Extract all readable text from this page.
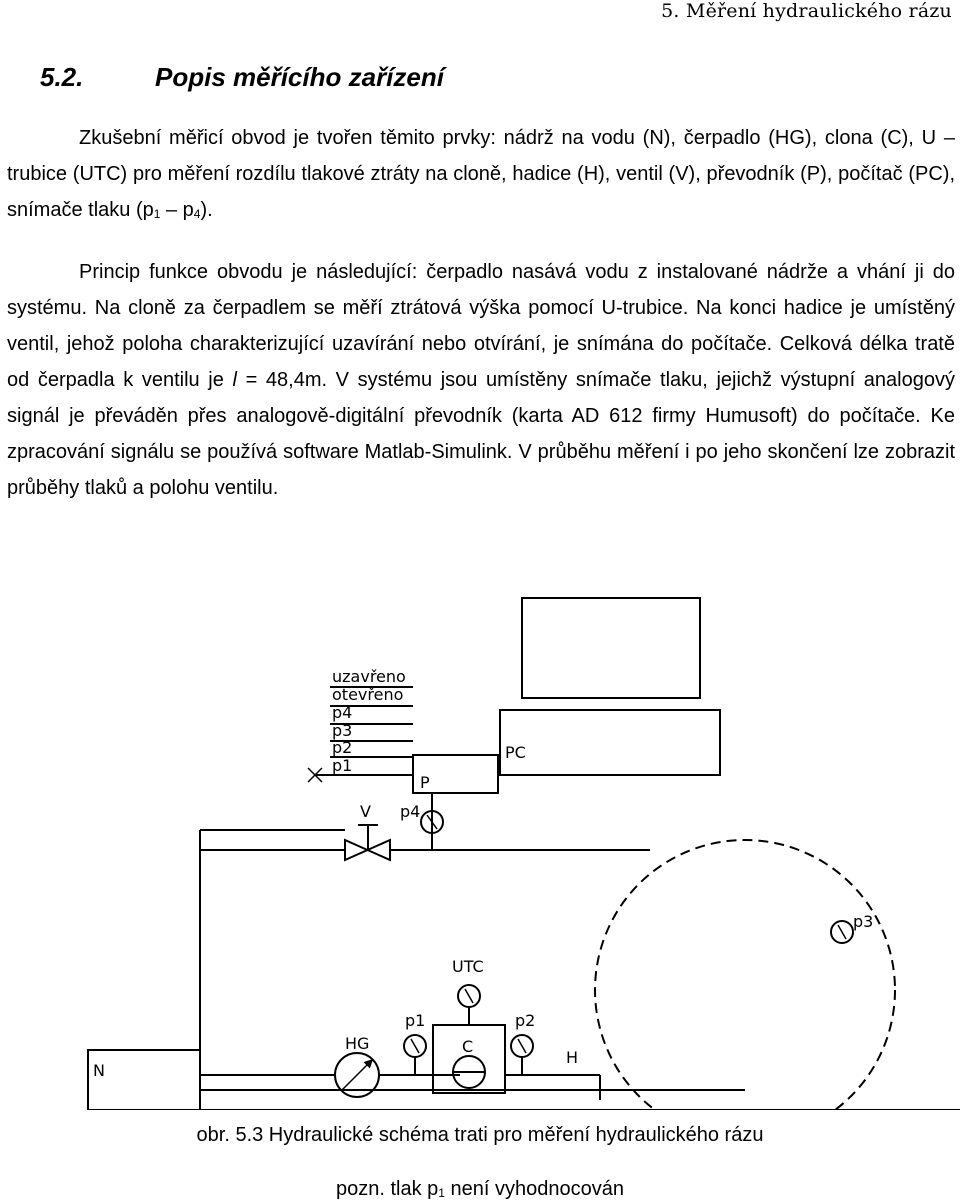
5. Měření hydraulického rázu
5.2.	Popis měřícího zařízení
Zkušební měřicí obvod je tvořen těmito prvky: nádrž na vodu (N), čerpadlo (HG), clona (C), U – trubice (UTC) pro měření rozdílu tlakové ztráty na cloně, hadice (H), ventil (V), převodník (P), počítač (PC), snímače tlaku $(p_1 - p_4)$.
Princip funkce obvodu je následující: čerpadlo nasává vodu z instalované nádrže a vhání ji do systému. Na cloně za čerpadlem se měří ztrátová výška pomocí U-trubice. Na konci hadice je umístěný ventil, jehož poloha charakterizující uzavírání nebo otvírání, je snímána do počítače. Celková délka tratě od čerpadla k ventilu je l = 48,4m. V systému jsou umístěny snímače tlaku, jejichž výstupní analogový signál je převáděn přes analogově-digitální převodník (karta AD 612 firmy Humusoft) do počítače. Ke zpracování signálu se používá software Matlab-Simulink. V průběhu měření i po jeho skončení lze zobrazit průběhy tlaků a polohu ventilu.
uzavřeno
otevřeno
p4
p3
p2
p1
PC
P
V p4
p3
UTC
p1	p2
C
HG
H
N
obr. 5.3 Hydraulické schéma trati pro měření hydraulického rázu
pozn. tlak $p_1$ není vyhodnocován
